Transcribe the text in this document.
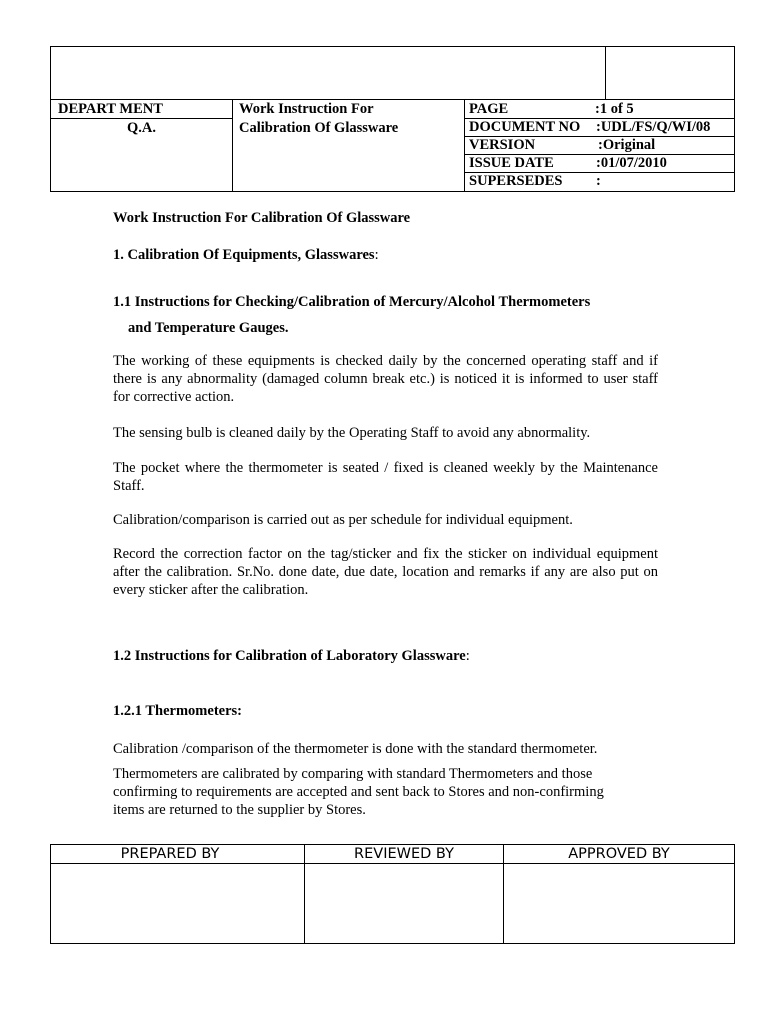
DEPART MENT
Q.A.
Work Instruction For
Calibration Of Glassware
PAGE	:1 of 5
DOCUMENT NO :UDL/FS/Q/WI/08
VERSION	:Original
ISSUE DATE	:01/07/2010
SUPERSEDES :
Work Instruction For Calibration Of Glassware
1. Calibration Of Equipments, Glasswares:
1.1 Instructions for Checking/Calibration of Mercury/Alcohol Thermometers
and Temperature Gauges.
The working of these equipments is checked daily by the concerned operating staff and if there is any abnormality (damaged column break etc.) is noticed it is informed to user staff for corrective action.
The sensing bulb is cleaned daily by the Operating Staff to avoid any abnormality.
The pocket where the thermometer is seated / fixed is cleaned weekly by the Maintenance Staff.
Calibration/comparison is carried out as per schedule for individual equipment.
Record the correction factor on the tag/sticker and fix the sticker on individual equipment after the calibration. Sr.No. done date, due date, location and remarks if any are also put on every sticker after the calibration.
1.2 Instructions for Calibration of Laboratory Glassware:
1.2.1 Thermometers:
Calibration /comparison of the thermometer is done with the standard thermometer.
Thermometers are calibrated by comparing with standard Thermometers and those confirming to requirements are accepted and sent back to Stores and non-confirming items are returned to the supplier by Stores.
PREPARED BY	REVIEWED BY	APPROVED BY
